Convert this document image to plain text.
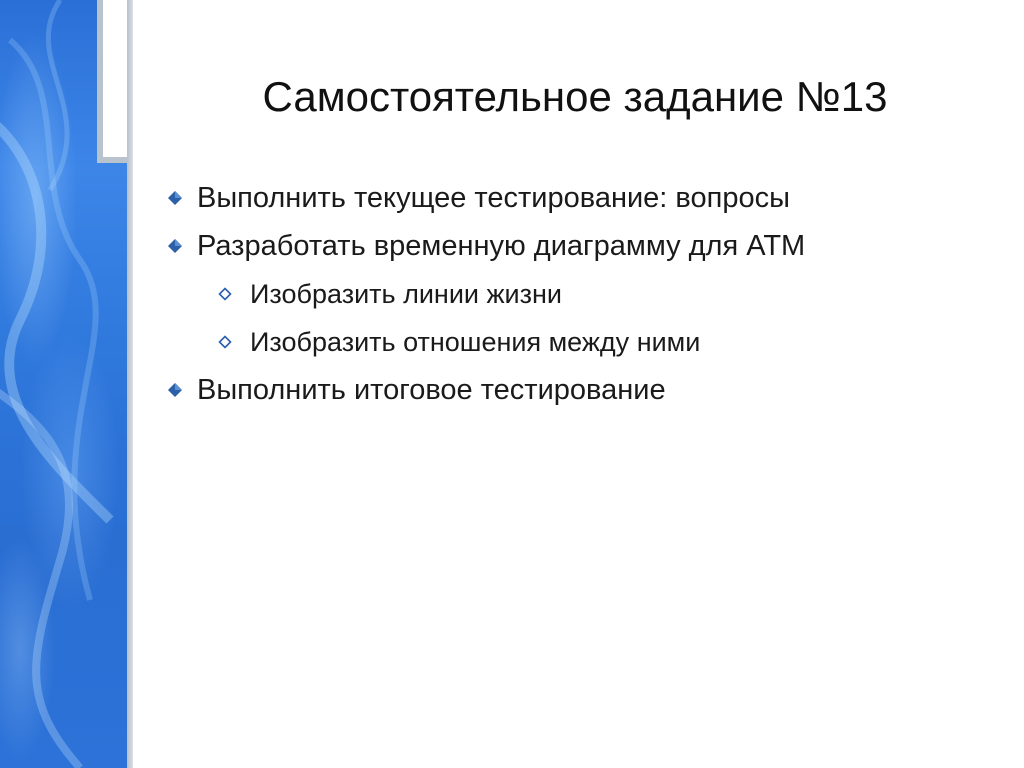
Самостоятельное задание №13
Выполнить текущее тестирование: вопросы
Разработать временную диаграмму для АТМ
Изобразить линии жизни
Изобразить отношения между ними
Выполнить итоговое тестирование
